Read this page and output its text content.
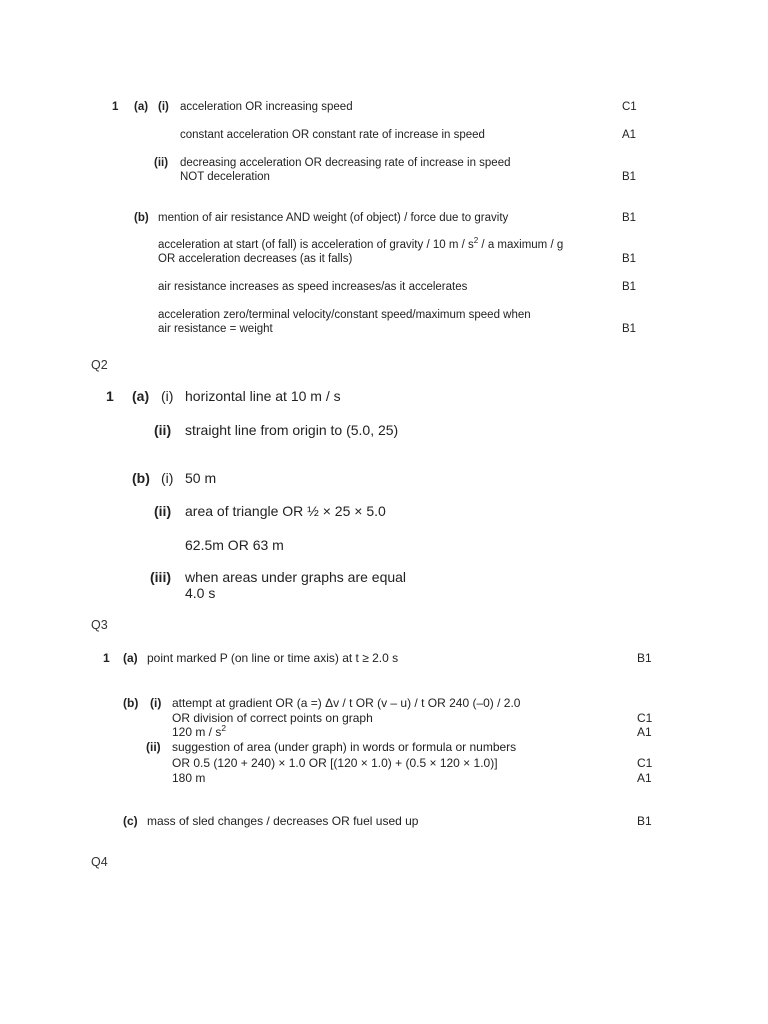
1 (a) (i) acceleration OR increasing speed	C1
constant acceleration OR constant rate of increase in speed	A1
(ii) decreasing acceleration OR decreasing rate of increase in speed
NOT deceleration	B1
(b) mention of air resistance AND weight (of object) / force due to gravity	B1
acceleration at start (of fall) is acceleration of gravity / 10 m / $s^2$ / a maximum / g
OR acceleration decreases (as it falls)	B1
air resistance increases as speed increases/as it accelerates	B1
acceleration zero/terminal velocity/constant speed/maximum speed when
air resistance = weight	B1
Q2
1 (a) (i) horizontal line at 10 m / s
(ii) straight line from origin to (5.0, 25)
(b) (i) 50 m
(ii) area of triangle OR ½ × 25 × 5.0
62.5m OR 63 m
(iii) when areas under graphs are equal
4.0 s
Q3
1 (a) point marked P (on line or time axis) at t ≥ 2.0 s	B1
(b) (i) attempt at gradient OR (a =) Δv / t OR (v – u) / t OR 240 (–0) / 2.0
OR division of correct points on graph	C1
120 m / $s^2$	A1
(ii) suggestion of area (under graph) in words or formula or numbers
OR 0.5 (120 + 240) × 1.0 OR [(120 × 1.0) + (0.5 × 120 × 1.0)]	C1
180 m	A1
(c) mass of sled changes / decreases OR fuel used up	B1
Q4
